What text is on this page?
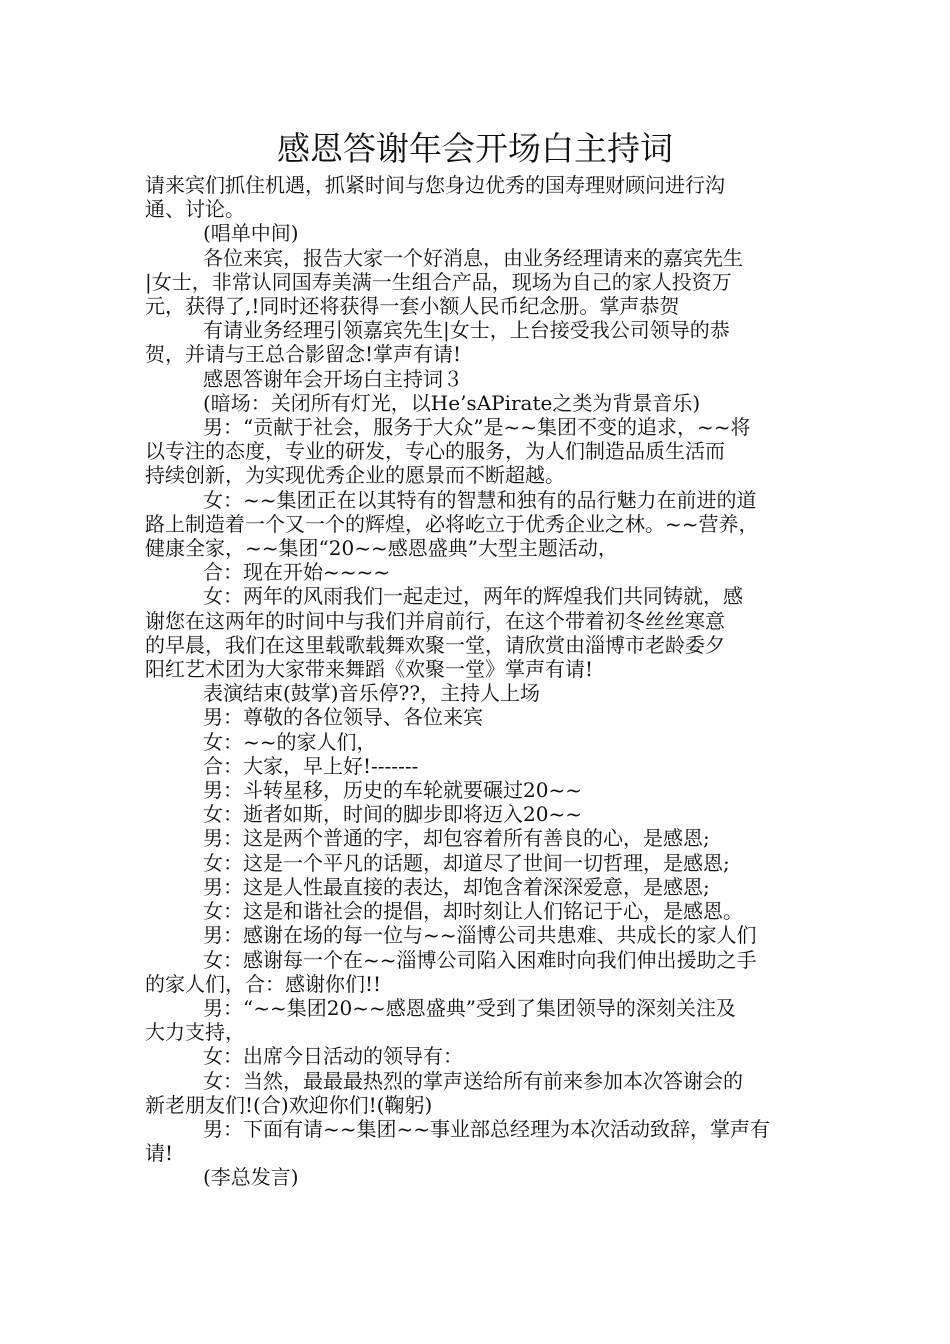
感恩答谢年会开场白主持词

请来宾们抓住机遇，抓紧时间与您身边优秀的国寿理财顾问进行沟
通、讨论。

(唱单中间)

各位来宾，报告大家一个好消息，由业务经理请来的嘉宾先生
|女士，非常认同国寿美满一生组合产品，现场为自己的家人投资万
元，获得了,!同时还将获得一套小额人民币纪念册。掌声恭贺

有请业务经理引领嘉宾先生|女士，上台接受我公司领导的恭
贺，并请与王总合影留念!掌声有请!

感恩答谢年会开场白主持词３

(暗场：关闭所有灯光，以He’sAPirate之类为背景音乐)

男：“贡献于社会，服务于大众”是~~集团不变的追求，~~将
以专注的态度，专业的研发，专心的服务，为人们制造品质生活而
持续创新，为实现优秀企业的愿景而不断超越。

女：~~集团正在以其特有的智慧和独有的品行魅力在前进的道
路上制造着一个又一个的辉煌，必将屹立于优秀企业之林。~~营养，
健康全家，~~集团“20~~感恩盛典”大型主题活动，

合：现在开始~~~~

女：两年的风雨我们一起走过，两年的辉煌我们共同铸就，感
谢您在这两年的时间中与我们并肩前行，在这个带着初冬丝丝寒意
的早晨，我们在这里载歌载舞欢聚一堂，请欣赏由淄博市老龄委夕
阳红艺术团为大家带来舞蹈《欢聚一堂》掌声有请!

表演结束(鼓掌)音乐停??，主持人上场

男：尊敬的各位领导、各位来宾

女：~~的家人们，

合：大家，早上好!-------

男：斗转星移，历史的车轮就要碾过20~~

女：逝者如斯，时间的脚步即将迈入20~~

男：这是两个普通的字，却包容着所有善良的心，是感恩;

女：这是一个平凡的话题，却道尽了世间一切哲理，是感恩;

男：这是人性最直接的表达，却饱含着深深爱意，是感恩;

女：这是和谐社会的提倡，却时刻让人们铭记于心，是感恩。

男：感谢在场的每一位与~~淄博公司共患难、共成长的家人们

女：感谢每一个在~~淄博公司陷入困难时向我们伸出援助之手
的家人们，合：感谢你们!!

男：“~~集团20~~感恩盛典”受到了集团领导的深刻关注及
大力支持，

女：出席今日活动的领导有：

女：当然，最最最热烈的掌声送给所有前来参加本次答谢会的
新老朋友们!(合)欢迎你们!(鞠躬)

男：下面有请~~集团~~事业部总经理为本次活动致辞，掌声有
请!

(李总发言)
